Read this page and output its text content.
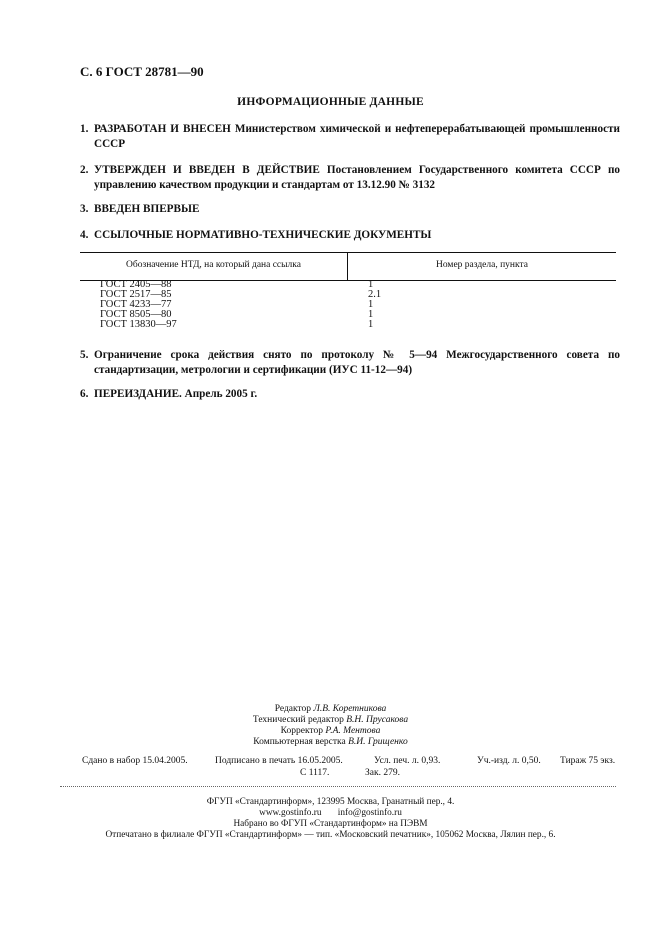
С. 6 ГОСТ 28781—90
ИНФОРМАЦИОННЫЕ ДАННЫЕ
1. РАЗРАБОТАН И ВНЕСЕН Министерством химической и нефтеперерабатывающей промышленности СССР
2. УТВЕРЖДЕН И ВВЕДЕН В ДЕЙСТВИЕ Постановлением Государственного комитета СССР по управлению качеством продукции и стандартам от 13.12.90 № 3132
3. ВВЕДЕН ВПЕРВЫЕ
4. ССЫЛОЧНЫЕ НОРМАТИВНО-ТЕХНИЧЕСКИЕ ДОКУМЕНТЫ
Обозначение НТД, на который дана ссылка	Номер раздела, пункта
ГОСТ 2405—88	1
ГОСТ 2517—85	2.1
ГОСТ 4233—77	1
ГОСТ 8505—80	1
ГОСТ 13830—97	1
5. Ограничение срока действия снято по протоколу № 5—94 Межгосударственного совета по стандартизации, метрологии и сертификации (ИУС 11-12—94)
6. ПЕРЕИЗДАНИЕ. Апрель 2005 г.
Редактор Л.В. Коретникова
Технический редактор В.Н. Прусакова
Корректор Р.А. Ментова
Компьютерная верстка В.И. Грищенко
Сдано в набор 15.04.2005.	Подписано в печать 16.05.2005.	Усл. печ. л. 0,93.	Уч.-изд. л. 0,50. Тираж 75 экз.
С 1117.	Зак. 279.
ФГУП «Стандартинформ», 123995 Москва, Гранатный пер., 4.
www.gostinfo.ru info@gostinfo.ru
Набрано во ФГУП «Стандартинформ» на ПЭВМ
Отпечатано в филиале ФГУП «Стандартинформ» — тип. «Московский печатник», 105062 Москва, Лялин пер., 6.
